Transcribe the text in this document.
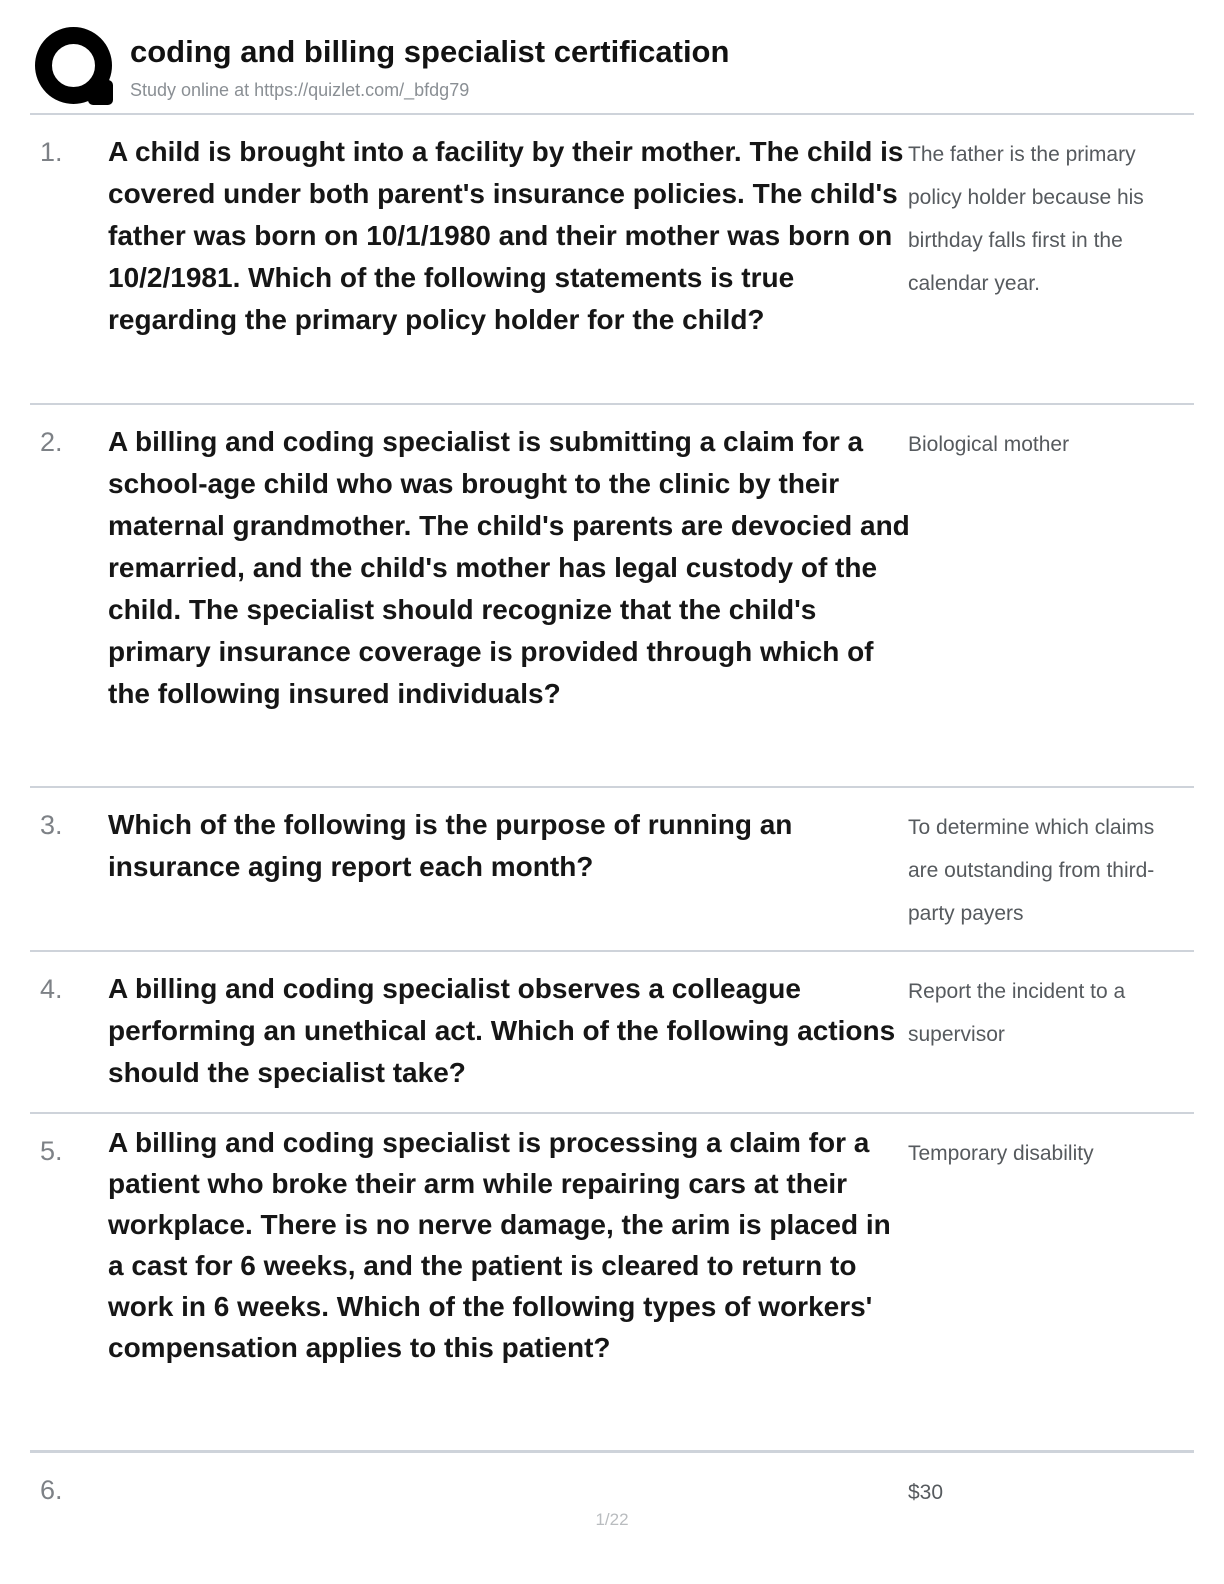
coding and billing specialist certification
Study online at https://quizlet.com/_bfdg79
1. A child is brought into a facility by their mother. The child is covered under both parent's insurance policies. The child's father was born on 10/1/1980 and their mother was born on 10/2/1981. Which of the following statements is true regarding the primary policy holder for the child?
The father is the primary policy holder because his birthday falls first in the calendar year.
2. A billing and coding specialist is submitting a claim for a school-age child who was brought to the clinic by their maternal grandmother. The child's parents are devocied and remarried, and the child's mother has legal custody of the child. The specialist should recognize that the child's primary insurance coverage is provided through which of the following insured individuals?
Biological mother
3. Which of the following is the purpose of running an insurance aging report each month?
To determine which claims are outstanding from third-party payers
4. A billing and coding specialist observes a colleague performing an unethical act. Which of the following actions should the specialist take?
Report the incident to a supervisor
5. A billing and coding specialist is processing a claim for a patient who broke their arm while repairing cars at their workplace. There is no nerve damage, the arim is placed in a cast for 6 weeks, and the patient is cleared to return to work in 6 weeks. Which of the following types of workers' compensation applies to this patient?
Temporary disability
6.	$30
1/22
